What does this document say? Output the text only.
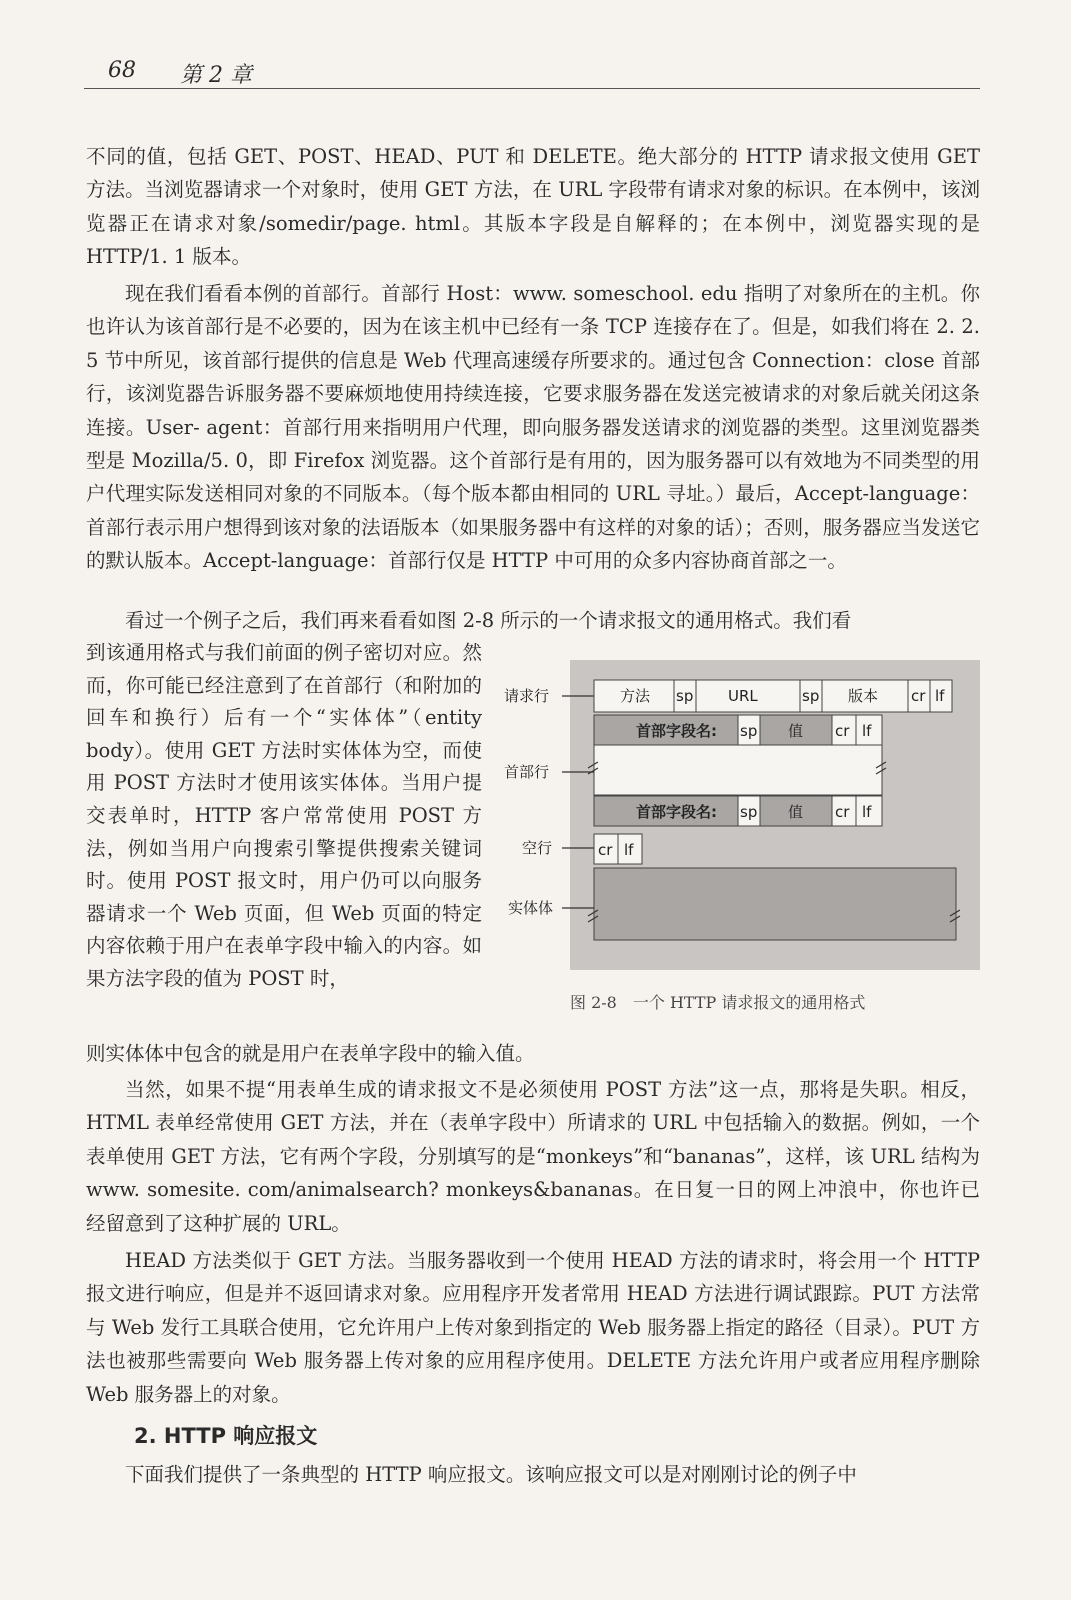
68 第 2 章

不同的值，包括 GET、POST、HEAD、PUT 和 DELETE。绝大部分的 HTTP 请求报文使用 GET 方法。当浏览器请求一个对象时，使用 GET 方法，在 URL 字段带有请求对象的标识。在本例中，该浏览器正在请求对象/somedir/page. html。其版本字段是自解释的；在本例中，浏览器实现的是 HTTP/1. 1 版本。

现在我们看看本例的首部行。首部行 Host：www. someschool. edu 指明了对象所在的主机。你也许认为该首部行是不必要的，因为在该主机中已经有一条 TCP 连接存在了。但是，如我们将在 2. 2. 5 节中所见，该首部行提供的信息是 Web 代理高速缓存所要求的。通过包含 Connection：close 首部行，该浏览器告诉服务器不要麻烦地使用持续连接，它要求服务器在发送完被请求的对象后就关闭这条连接。User- agent：首部行用来指明用户代理，即向服务器发送请求的浏览器的类型。这里浏览器类型是 Mozilla/5. 0，即 Firefox 浏览器。这个首部行是有用的，因为服务器可以有效地为不同类型的用户代理实际发送相同对象的不同版本。（每个版本都由相同的 URL 寻址。）最后，Accept-language：首部行表示用户想得到该对象的法语版本（如果服务器中有这样的对象的话）；否则，服务器应当发送它的默认版本。Accept-language：首部行仅是 HTTP 中可用的众多内容协商首部之一。

看过一个例子之后，我们再来看看如图 2-8 所示的一个请求报文的通用格式。我们看

到该通用格式与我们前面的例子密切对应。然而，你可能已经注意到了在首部行（和附加的回车和换行）后有一个“实体体”（entity body）。使用 GET 方法时实体体为空，而使用 POST 方法时才使用该实体体。当用户提交表单时，HTTP 客户常常使用 POST 方法，例如当用户向搜索引擎提供搜索关键词时。使用 POST 报文时，用户仍可以向服务器请求一个 Web 页面，但 Web 页面的特定内容依赖于用户在表单字段中输入的内容。如果方法字段的值为 POST 时，

则实体体中包含的就是用户在表单字段中的输入值。

当然，如果不提“用表单生成的请求报文不是必须使用 POST 方法”这一点，那将是失职。相反，HTML 表单经常使用 GET 方法，并在（表单字段中）所请求的 URL 中包括输入的数据。例如，一个表单使用 GET 方法，它有两个字段，分别填写的是“monkeys”和“bananas”，这样，该 URL 结构为 www. somesite. com/animalsearch? monkeys&bananas。在日复一日的网上冲浪中，你也许已经留意到了这种扩展的 URL。

HEAD 方法类似于 GET 方法。当服务器收到一个使用 HEAD 方法的请求时，将会用一个 HTTP 报文进行响应，但是并不返回请求对象。应用程序开发者常用 HEAD 方法进行调试跟踪。PUT 方法常与 Web 发行工具联合使用，它允许用户上传对象到指定的 Web 服务器上指定的路径（目录）。PUT 方法也被那些需要向 Web 服务器上传对象的应用程序使用。DELETE 方法允许用户或者应用程序删除 Web 服务器上的对象。

2. HTTP 响应报文

下面我们提供了一条典型的 HTTP 响应报文。该响应报文可以是对刚刚讨论的例子中

请求行	方法 sp URL	sp 版本 cr lf
首部字段名: sp 值 cr lf
首部字段名: sp 值 cr lf
首部行
空行	cr lf
实体体
图 2-8　一个 HTTP 请求报文的通用格式
